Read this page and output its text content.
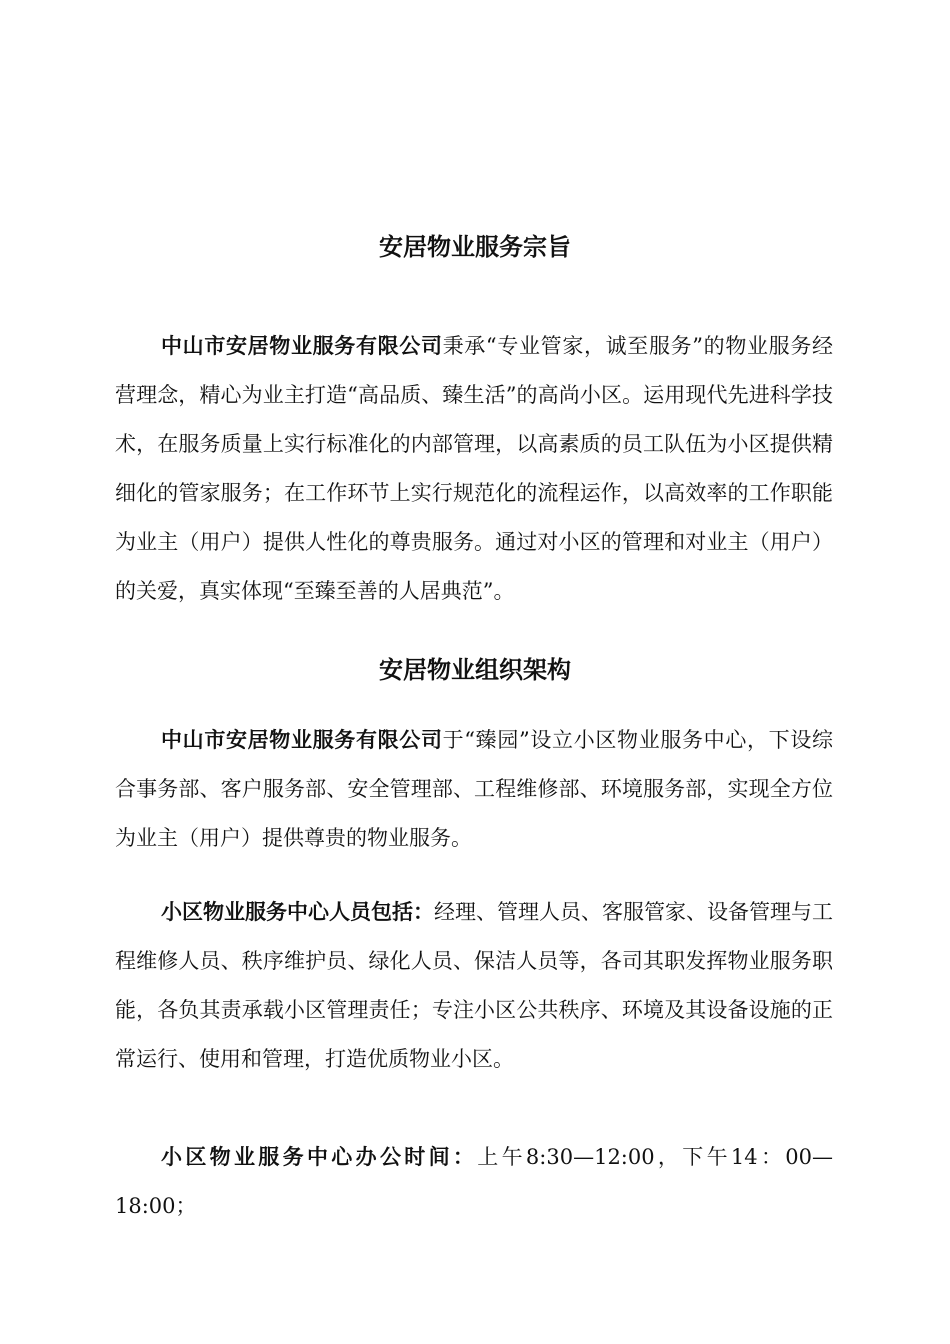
安居物业服务宗旨
中山市安居物业服务有限公司秉承“专业管家，诚至服务”的物业服务经营理念，精心为业主打造“高品质、臻生活”的高尚小区。运用现代先进科学技术，在服务质量上实行标准化的内部管理，以高素质的员工队伍为小区提供精细化的管家服务；在工作环节上实行规范化的流程运作，以高效率的工作职能为业主（用户）提供人性化的尊贵服务。通过对小区的管理和对业主（用户）的关爱，真实体现“至臻至善的人居典范”。
安居物业组织架构
中山市安居物业服务有限公司于“臻园”设立小区物业服务中心，下设综合事务部、客户服务部、安全管理部、工程维修部、环境服务部，实现全方位为业主（用户）提供尊贵的物业服务。
小区物业服务中心人员包括：经理、管理人员、客服管家、设备管理与工程维修人员、秩序维护员、绿化人员、保洁人员等，各司其职发挥物业服务职能，各负其责承载小区管理责任；专注小区公共秩序、环境及其设备设施的正常运行、使用和管理，打造优质物业小区。
小区物业服务中心办公时间：上午8:30—12:00，下午14：00—18:00；
